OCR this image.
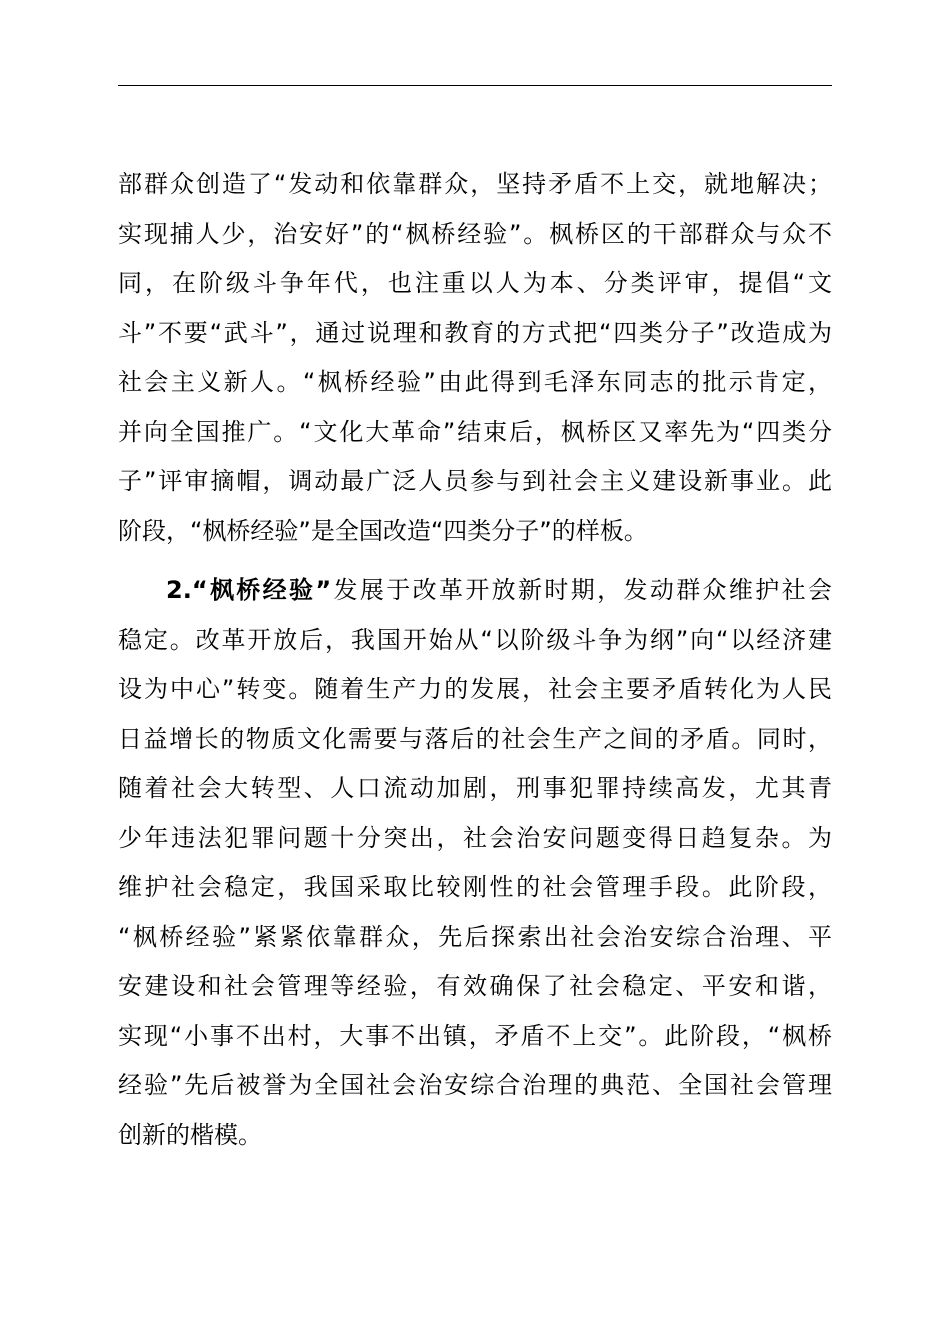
部群众创造了“发动和依靠群众，坚持矛盾不上交，就地解决；
实现捕人少，治安好”的“枫桥经验”。枫桥区的干部群众与众不
同，在阶级斗争年代，也注重以人为本、分类评审，提倡“文
斗”不要“武斗”，通过说理和教育的方式把“四类分子”改造成为
社会主义新人。“枫桥经验”由此得到毛泽东同志的批示肯定，
并向全国推广。“文化大革命”结束后，枫桥区又率先为“四类分
子”评审摘帽，调动最广泛人员参与到社会主义建设新事业。此
阶段，“枫桥经验”是全国改造“四类分子”的样板。
2.“枫桥经验”发展于改革开放新时期，发动群众维护社会
稳定。改革开放后，我国开始从“以阶级斗争为纲”向“以经济建
设为中心”转变。随着生产力的发展，社会主要矛盾转化为人民
日益增长的物质文化需要与落后的社会生产之间的矛盾。同时，
随着社会大转型、人口流动加剧，刑事犯罪持续高发，尤其青
少年违法犯罪问题十分突出，社会治安问题变得日趋复杂。为
维护社会稳定，我国采取比较刚性的社会管理手段。此阶段，
“枫桥经验”紧紧依靠群众，先后探索出社会治安综合治理、平
安建设和社会管理等经验，有效确保了社会稳定、平安和谐，
实现“小事不出村，大事不出镇，矛盾不上交”。此阶段，“枫桥
经验”先后被誉为全国社会治安综合治理的典范、全国社会管理
创新的楷模。
